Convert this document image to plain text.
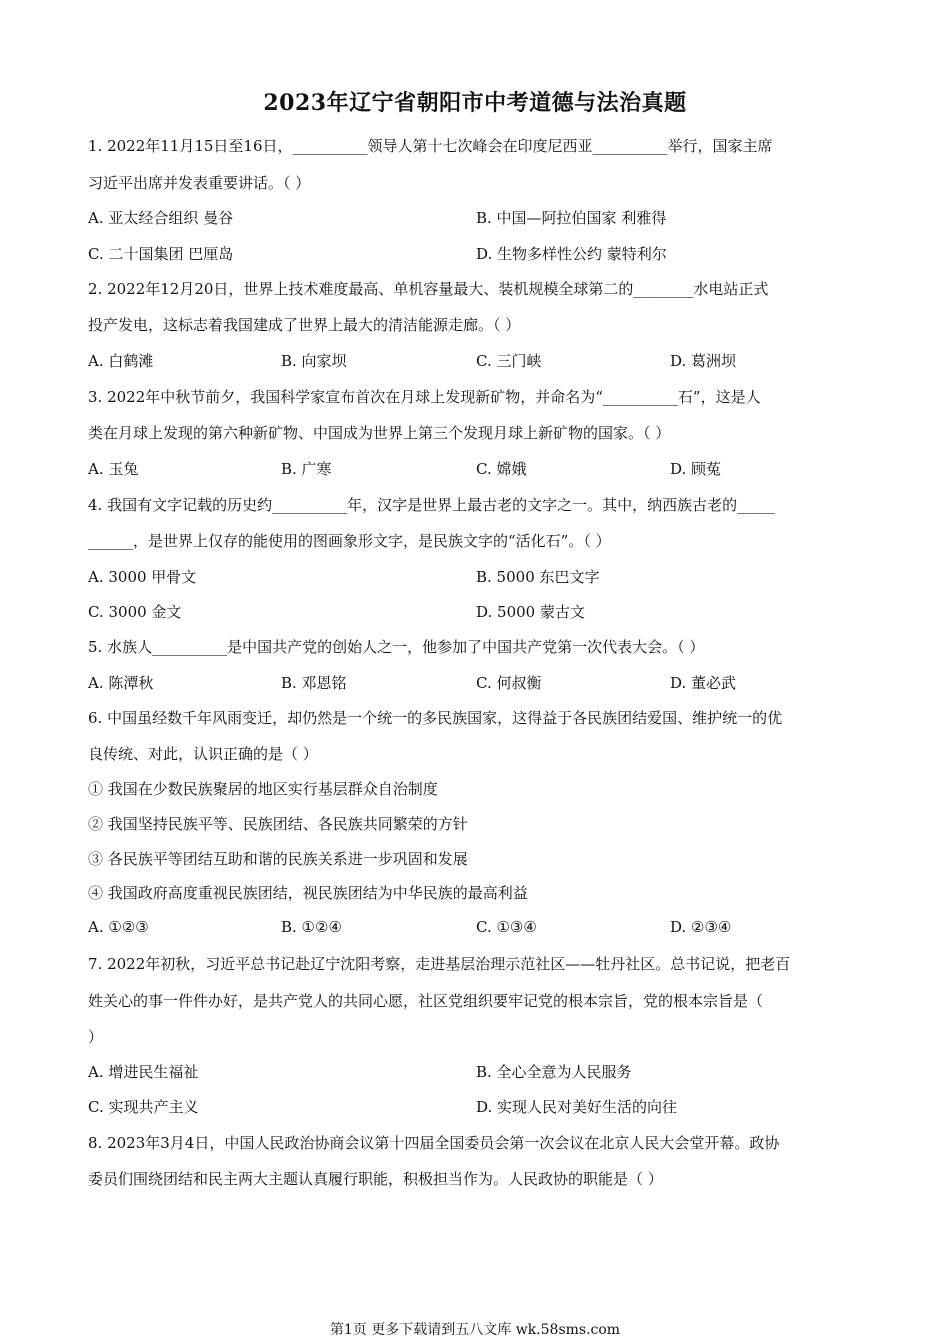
2023年辽宁省朝阳市中考道德与法治真题
1. 2022年11月15日至16日，__________领导人第十七次峰会在印度尼西亚__________举行，国家主席
习近平出席并发表重要讲话。（ ）
A. 亚太经合组织 曼谷	B. 中国—阿拉伯国家 利雅得
C. 二十国集团 巴厘岛	D. 生物多样性公约 蒙特利尔
2. 2022年12月20日，世界上技术难度最高、单机容量最大、装机规模全球第二的________水电站正式
投产发电，这标志着我国建成了世界上最大的清洁能源走廊。（ ）
A. 白鹤滩	B. 向家坝	C. 三门峡	D. 葛洲坝
3. 2022年中秋节前夕，我国科学家宣布首次在月球上发现新矿物，并命名为“__________石”，这是人
类在月球上发现的第六种新矿物、中国成为世界上第三个发现月球上新矿物的国家。（ ）
A. 玉兔	B. 广寒	C. 嫦娥	D. 顾菟
4. 我国有文字记载的历史约__________年，汉字是世界上最古老的文字之一。其中，纳西族古老的_____
______，是世界上仅存的能使用的图画象形文字，是民族文字的“活化石”。（ ）
A. 3000 甲骨文	B. 5000 东巴文字
C. 3000 金文	D. 5000 蒙古文
5. 水族人__________是中国共产党的创始人之一，他参加了中国共产党第一次代表大会。（ ）
A. 陈潭秋	B. 邓恩铭	C. 何叔衡	D. 董必武
6. 中国虽经数千年风雨变迁，却仍然是一个统一的多民族国家，这得益于各民族团结爱国、维护统一的优
良传统、对此，认识正确的是（ ）
① 我国在少数民族聚居的地区实行基层群众自治制度
② 我国坚持民族平等、民族团结、各民族共同繁荣的方针
③ 各民族平等团结互助和谐的民族关系进一步巩固和发展
④ 我国政府高度重视民族团结，视民族团结为中华民族的最高利益
A. ①②③	B. ①②④	C. ①③④	D. ②③④
7. 2022年初秋，习近平总书记赴辽宁沈阳考察，走进基层治理示范社区——牡丹社区。总书记说，把老百
姓关心的事一件件办好，是共产党人的共同心愿，社区党组织要牢记党的根本宗旨，党的根本宗旨是（
）
A. 增进民生福祉	B. 全心全意为人民服务
C. 实现共产主义	D. 实现人民对美好生活的向往
8. 2023年3月4日，中国人民政治协商会议第十四届全国委员会第一次会议在北京人民大会堂开幕。政协
委员们围绕团结和民主两大主题认真履行职能，积极担当作为。人民政协的职能是（ ）
第1页 更多下载请到五八文库 wk.58sms.com
